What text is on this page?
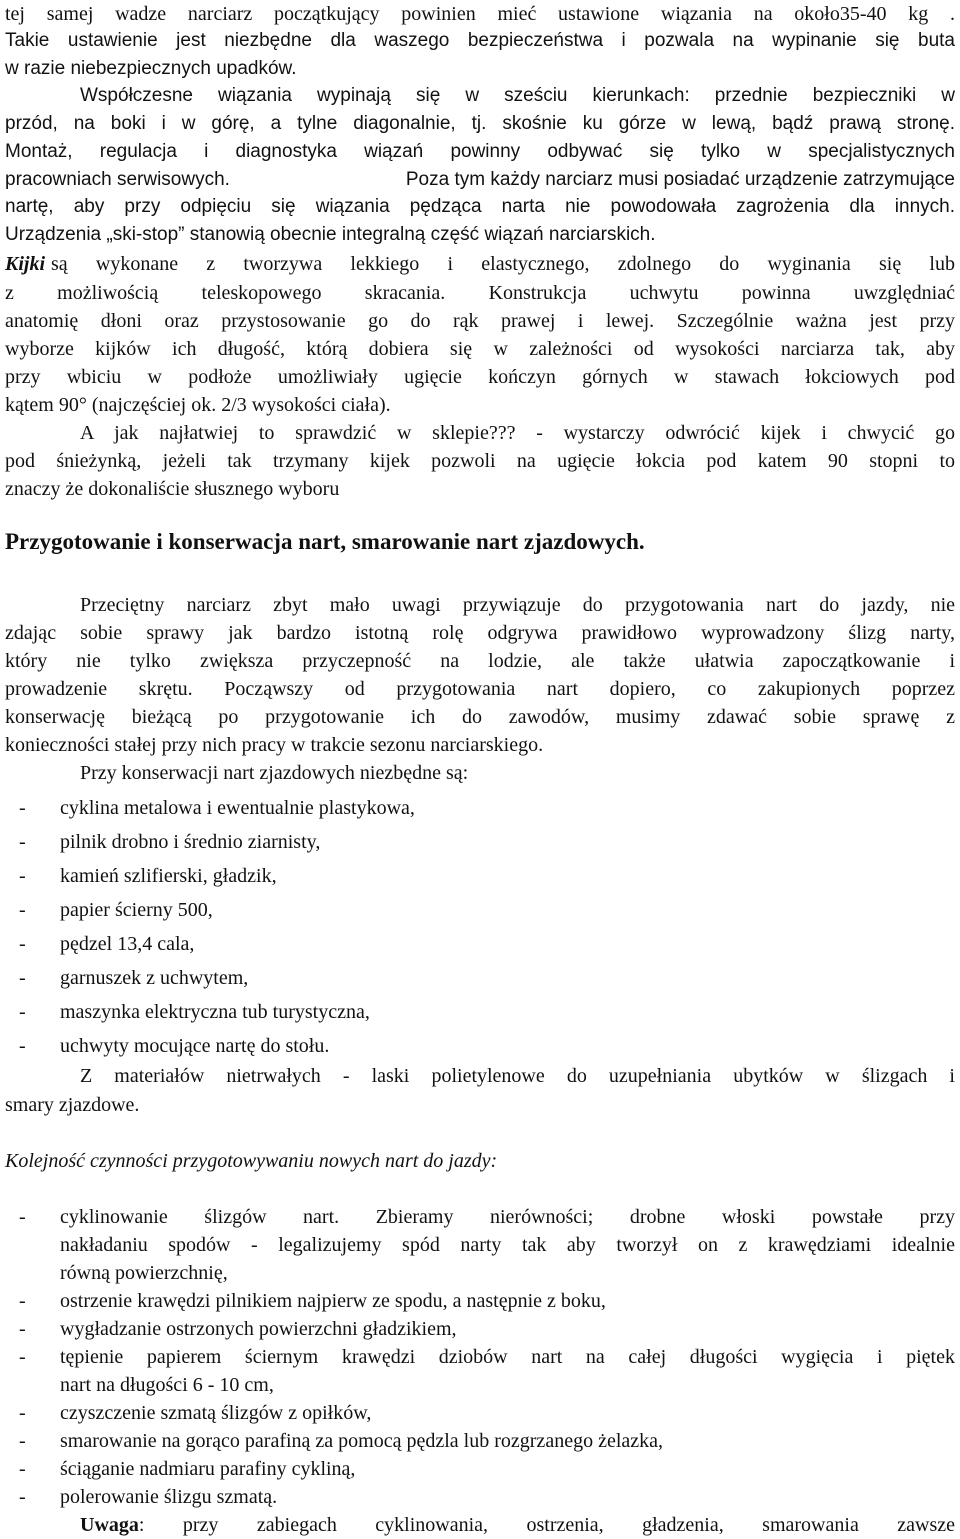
tej samej wadze narciarz początkujący powinien mieć ustawione wiązania na około35-40 kg .

Takie ustawienie jest niezbędne dla waszego bezpieczeństwa i pozwala na wypinanie się buta

w razie niebezpiecznych upadków.

Współczesne wiązania wypinają się w sześciu kierunkach: przednie bezpieczniki w

przód, na boki i w górę, a tylne diagonalnie, tj. skośnie ku górze w lewą, bądź prawą stronę.

Montaż, regulacja i diagnostyka wiązań powinny odbywać się tylko w specjalistycznych

pracowniach serwisowych.	Poza tym każdy narciarz musi posiadać urządzenie zatrzymujące

nartę, aby przy odpięciu się wiązania pędząca narta nie powodowała zagrożenia dla innych.

Urządzenia „ski-stop” stanowią obecnie integralną część wiązań narciarskich.

Kijki są wykonane z tworzywa lekkiego i elastycznego, zdolnego do wyginania się lub

z możliwością teleskopowego skracania. Konstrukcja uchwytu powinna uwzględniać

anatomię dłoni oraz przystosowanie go do rąk prawej i lewej. Szczególnie ważna jest przy

wyborze kijków ich długość, którą dobiera się w zależności od wysokości narciarza tak, aby

przy wbiciu w podłoże umożliwiały ugięcie kończyn górnych w stawach łokciowych pod

kątem 90° (najczęściej ok. 2/3 wysokości ciała).

A jak najłatwiej to sprawdzić w sklepie??? - wystarczy odwrócić kijek i chwycić go

pod śnieżynką, jeżeli tak trzymany kijek pozwoli na ugięcie łokcia pod katem 90 stopni to

znaczy że dokonaliście słusznego wyboru

Przygotowanie i konserwacja nart, smarowanie nart zjazdowych.

Przeciętny narciarz zbyt mało uwagi przywiązuje do przygotowania nart do jazdy, nie

zdając sobie sprawy jak bardzo istotną rolę odgrywa prawidłowo wyprowadzony ślizg narty,

który nie tylko zwiększa przyczepność na lodzie, ale także ułatwia zapoczątkowanie i

prowadzenie skrętu. Począwszy od przygotowania nart dopiero, co zakupionych poprzez

konserwację bieżącą po przygotowanie ich do zawodów, musimy zdawać sobie sprawę z

konieczności stałej przy nich pracy w trakcie sezonu narciarskiego.

Przy konserwacji nart zjazdowych niezbędne są:

- cyklina metalowa i ewentualnie plastykowa,
- pilnik drobno i średnio ziarnisty,
- kamień szlifierski, gładzik,
- papier ścierny 500,
- pędzel 13,4 cala,
- garnuszek z uchwytem,
- maszynka elektryczna tub turystyczna,
- uchwyty mocujące nartę do stołu.

Z materiałów nietrwałych - laski polietylenowe do uzupełniania ubytków w ślizgach i

smary zjazdowe.

Kolejność czynności przygotowywaniu nowych nart do jazdy:

- cyklinowanie ślizgów nart. Zbieramy nierówności; drobne włoski powstałe przy
nakładaniu spodów - legalizujemy spód narty tak aby tworzył on z krawędziami idealnie
równą powierzchnię,
- ostrzenie krawędzi pilnikiem najpierw ze spodu, a następnie z boku,
- wygładzanie ostrzonych powierzchni gładzikiem,
- tępienie papierem ściernym krawędzi dziobów nart na całej długości wygięcia i piętek
nart na długości 6 - 10 cm,
- czyszczenie szmatą ślizgów z opiłków,
- smarowanie na gorąco parafiną za pomocą pędzla lub rozgrzanego żelazka,
- ściąganie nadmiaru parafiny cykliną,
- polerowanie ślizgu szmatą.
Uwaga : przy zabiegach cyklinowania, ostrzenia, gładzenia, smarowania zawsze
